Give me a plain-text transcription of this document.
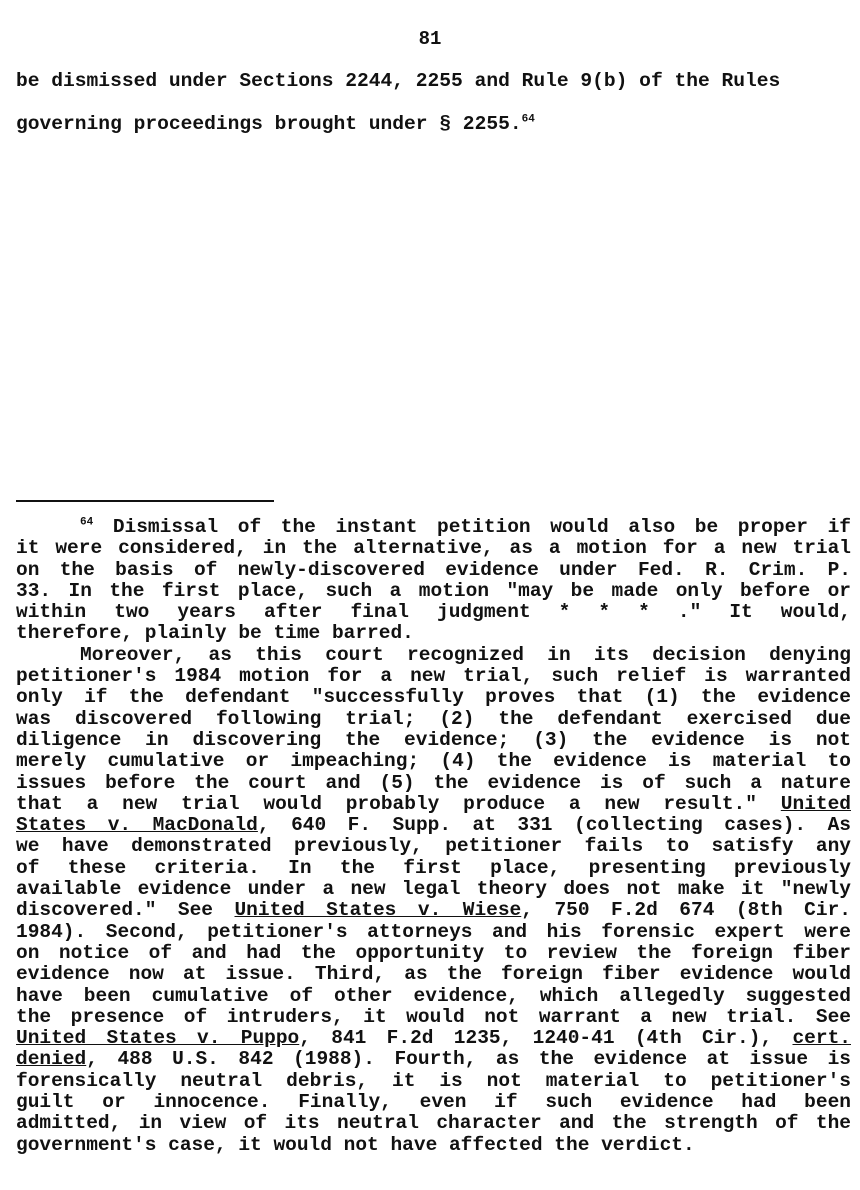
81
be dismissed under Sections 2244, 2255 and Rule 9(b) of the Rules
governing proceedings brought under § 2255.64
$^{64}$ Dismissal of the instant petition would also be proper if
it were considered, in the alternative, as a motion for a new trial
on the basis of newly-discovered evidence under Fed. R. Crim. P.
33. In the first place, such a motion "may be made only before or
within two years after final judgment * * * ." It would,
therefore, plainly be time barred.
Moreover, as this court recognized in its decision denying
petitioner's 1984 motion for a new trial, such relief is warranted
only if the defendant "successfully proves that (1) the evidence
was discovered following trial; (2) the defendant exercised due
diligence in discovering the evidence; (3) the evidence is not
merely cumulative or impeaching; (4) the evidence is material to
issues before the court and (5) the evidence is of such a nature
that a new trial would probably produce a new result." United
States v. MacDonald, 640 F. Supp. at 331 (collecting cases). As
we have demonstrated previously, petitioner fails to satisfy any
of these criteria. In the first place, presenting previously
available evidence under a new legal theory does not make it "newly
discovered." See United States v. Wiese, 750 F.2d 674 (8th Cir.
1984). Second, petitioner's attorneys and his forensic expert were
on notice of and had the opportunity to review the foreign fiber
evidence now at issue. Third, as the foreign fiber evidence would
have been cumulative of other evidence, which allegedly suggested
the presence of intruders, it would not warrant a new trial. See
United States v. Puppo, 841 F.2d 1235, 1240-41 (4th Cir.), cert.
denied, 488 U.S. 842 (1988). Fourth, as the evidence at issue is
forensically neutral debris, it is not material to petitioner's
guilt or innocence. Finally, even if such evidence had been
admitted, in view of its neutral character and the strength of the
government's case, it would not have affected the verdict.
